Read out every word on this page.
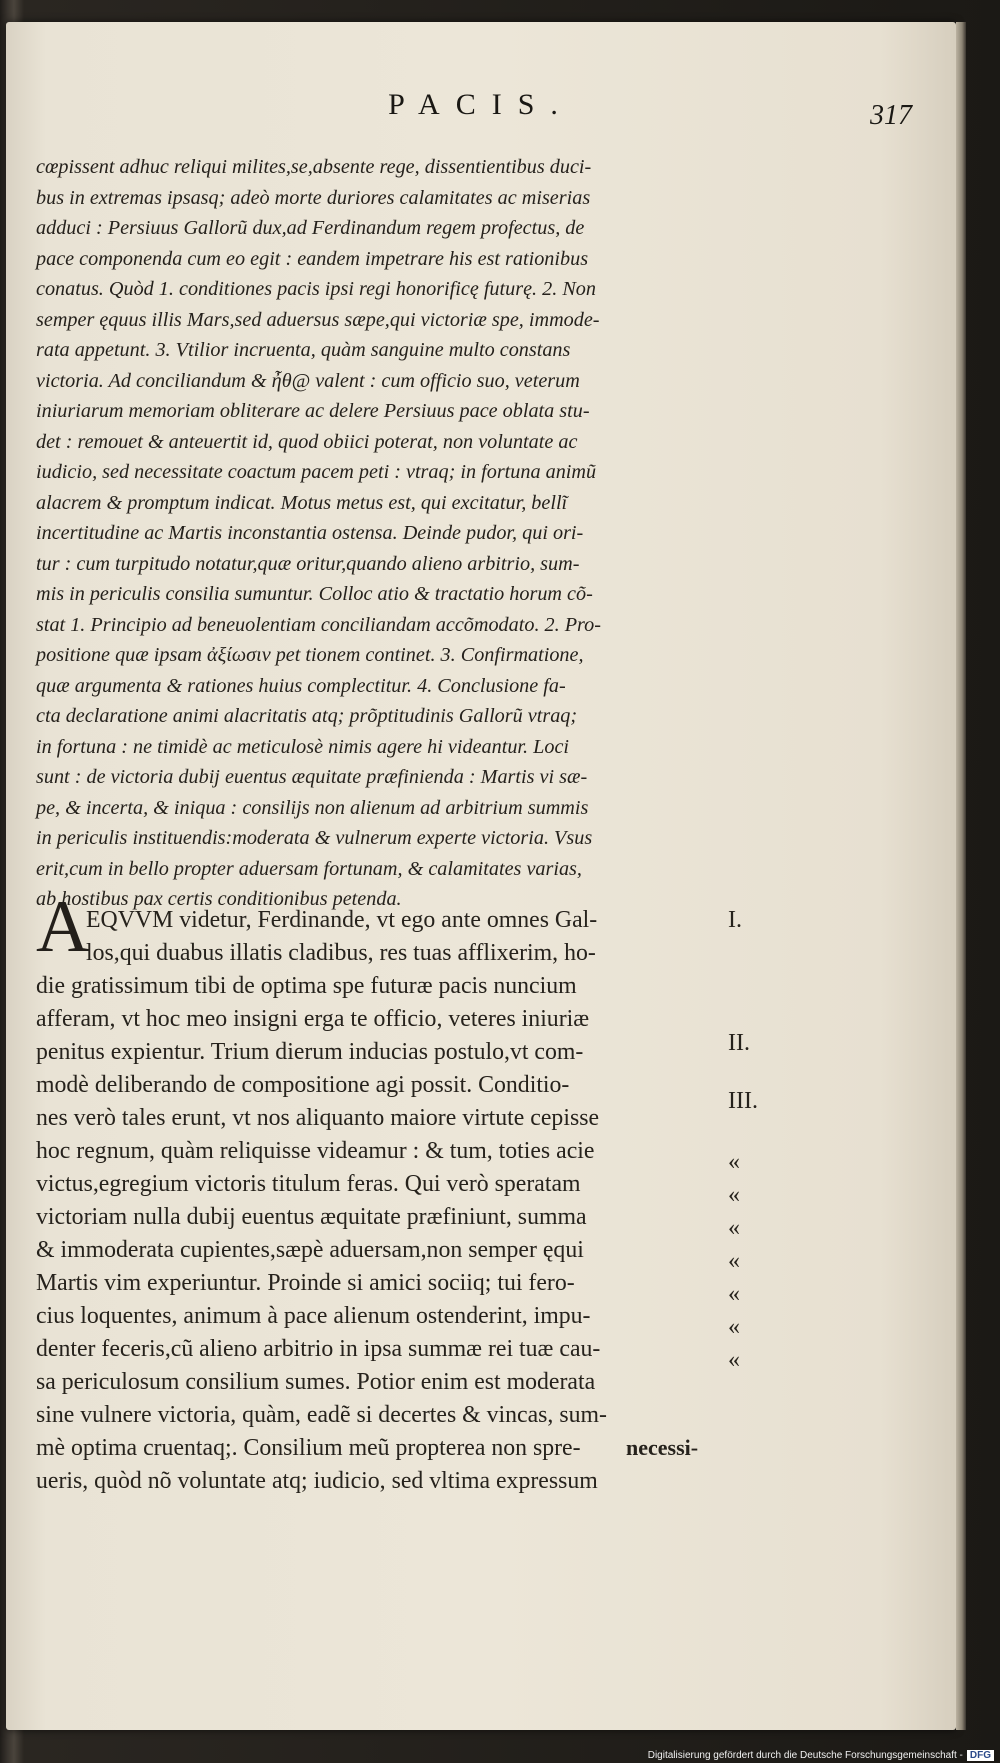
PACIS.	317
cœpissent adhuc reliqui milites,se,absente rege, dissentientibus duci-
bus in extremas ipsasq; adeò morte duriores calamitates ac miserias
adduci : Persiuus Gallorũ dux,ad Ferdinandum regem profectus, de
pace componenda cum eo egit : eandem impetrare his est rationibus
conatus. Quòd 1. conditiones pacis ipsi regi honorificę futurę. 2. Non
semper ęquus illis Mars,sed aduersus sæpe,qui victoriæ spe, immode-
rata appetunt. 3. Vtilior incruenta, quàm sanguine multo constans
victoria. Ad conciliandum & ἦθ@ valent : cum officio suo, veterum
iniuriarum memoriam obliterare ac delere Persiuus pace oblata stu-
det : remouet & anteuertit id, quod obiici poterat, non voluntate ac
iudicio, sed necessitate coactum pacem peti : vtraq; in fortuna animũ
alacrem & promptum indicat. Motus metus est, qui excitatur, bellĩ
incertitudine ac Martis inconstantia ostensa. Deinde pudor, qui ori-
tur : cum turpitudo notatur,quæ oritur,quando alieno arbitrio, sum-
mis in periculis consilia sumuntur. Colloc atio & tractatio horum cõ-
stat 1. Principio ad beneuolentiam conciliandam accõmodato. 2. Pro-
positione quæ ipsam ἀξίωσιν pet tionem continet. 3. Confirmatione,
quæ argumenta & rationes huius complectitur. 4. Conclusione fa-
cta declaratione animi alacritatis atq; prõptitudinis Gallorũ vtraq;
in fortuna : ne timidè ac meticulosè nimis agere hi videantur. Loci
sunt : de victoria dubij euentus æquitate præfinienda : Martis vi sæ-
pe, & incerta, & iniqua : consilijs non alienum ad arbitrium summis
in periculis instituendis:moderata & vulnerum experte victoria. Vsus
erit,cum in bello propter aduersam fortunam, & calamitates varias,
ab hostibus pax certis conditionibus petenda.
A
EQVVM videtur, Ferdinande, vt ego ante omnes Gal-
los,qui duabus illatis cladibus, res tuas afflixerim, ho-
die gratissimum tibi de optima spe futuræ pacis nuncium
afferam, vt hoc meo insigni erga te officio, veteres iniuriæ
penitus expientur. Trium dierum inducias postulo,vt com-
modè deliberando de compositione agi possit. Conditio-
nes verò tales erunt, vt nos aliquanto maiore virtute cepisse
hoc regnum, quàm reliquisse videamur : & tum, toties acie
victus,egregium victoris titulum feras. Qui verò speratam
victoriam nulla dubij euentus æquitate præfiniunt, summa
& immoderata cupientes,sæpè aduersam,non semper ęqui
Martis vim experiuntur. Proinde si amici sociiq; tui fero-
cius loquentes, animum à pace alienum ostenderint, impu-
denter feceris,cũ alieno arbitrio in ipsa summæ rei tuæ cau-
sa periculosum consilium sumes. Potior enim est moderata
sine vulnere victoria, quàm, eadẽ si decertes & vincas, sum-
mè optima cruentaq;. Consilium meũ propterea non spre-
ueris, quòd nõ voluntate atq; iudicio, sed vltima expressum
I.
II.
III.
«
«
«
«
«
«
«
necessi-
Digitalisierung gefördert durch die Deutsche Forschungsgemeinschaft - DFG
